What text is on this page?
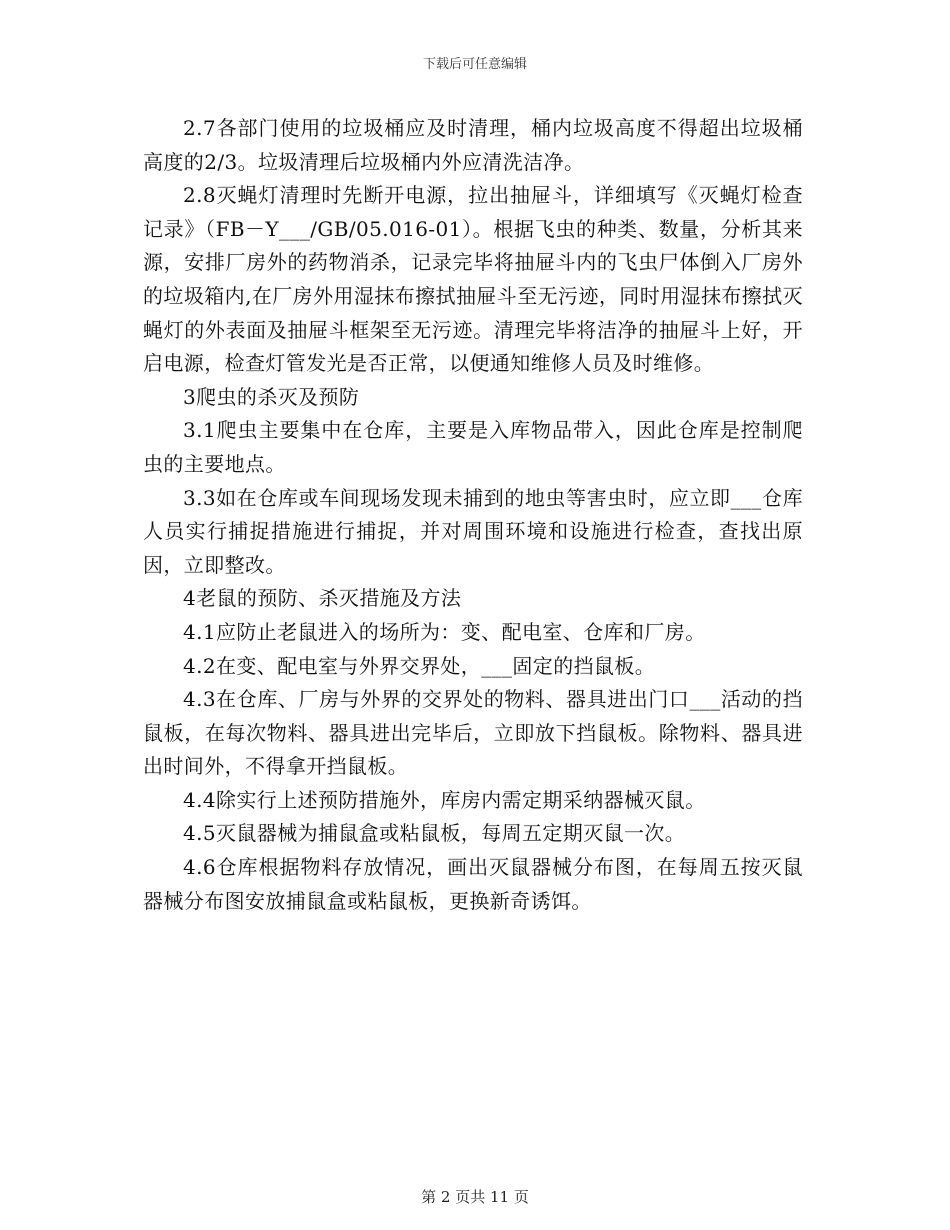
下载后可任意编辑

2.7各部门使用的垃圾桶应及时清理，桶内垃圾高度不得超出垃圾桶高度的2/3。垃圾清理后垃圾桶内外应清洗洁净。

2.8灭蝇灯清理时先断开电源，拉出抽屉斗，详细填写《灭蝇灯检查记录》（FB－Y___/GB/05.016-01）。根据飞虫的种类、数量，分析其来源，安排厂房外的药物消杀，记录完毕将抽屉斗内的飞虫尸体倒入厂房外的垃圾箱内,在厂房外用湿抹布擦拭抽屉斗至无污迹，同时用湿抹布擦拭灭蝇灯的外表面及抽屉斗框架至无污迹。清理完毕将洁净的抽屉斗上好，开启电源，检查灯管发光是否正常，以便通知维修人员及时维修。

3爬虫的杀灭及预防

3.1爬虫主要集中在仓库，主要是入库物品带入，因此仓库是控制爬虫的主要地点。

3.3如在仓库或车间现场发现未捕到的地虫等害虫时，应立即___仓库人员实行捕捉措施进行捕捉，并对周围环境和设施进行检查，查找出原因，立即整改。

4老鼠的预防、杀灭措施及方法

4.1应防止老鼠进入的场所为：变、配电室、仓库和厂房。

4.2在变、配电室与外界交界处，___固定的挡鼠板。

4.3在仓库、厂房与外界的交界处的物料、器具进出门口___活动的挡鼠板，在每次物料、器具进出完毕后，立即放下挡鼠板。除物料、器具进出时间外，不得拿开挡鼠板。

4.4除实行上述预防措施外，库房内需定期采纳器械灭鼠。

4.5灭鼠器械为捕鼠盒或粘鼠板，每周五定期灭鼠一次。

4.6仓库根据物料存放情况，画出灭鼠器械分布图，在每周五按灭鼠器械分布图安放捕鼠盒或粘鼠板，更换新奇诱饵。

第 2 页共 11 页
